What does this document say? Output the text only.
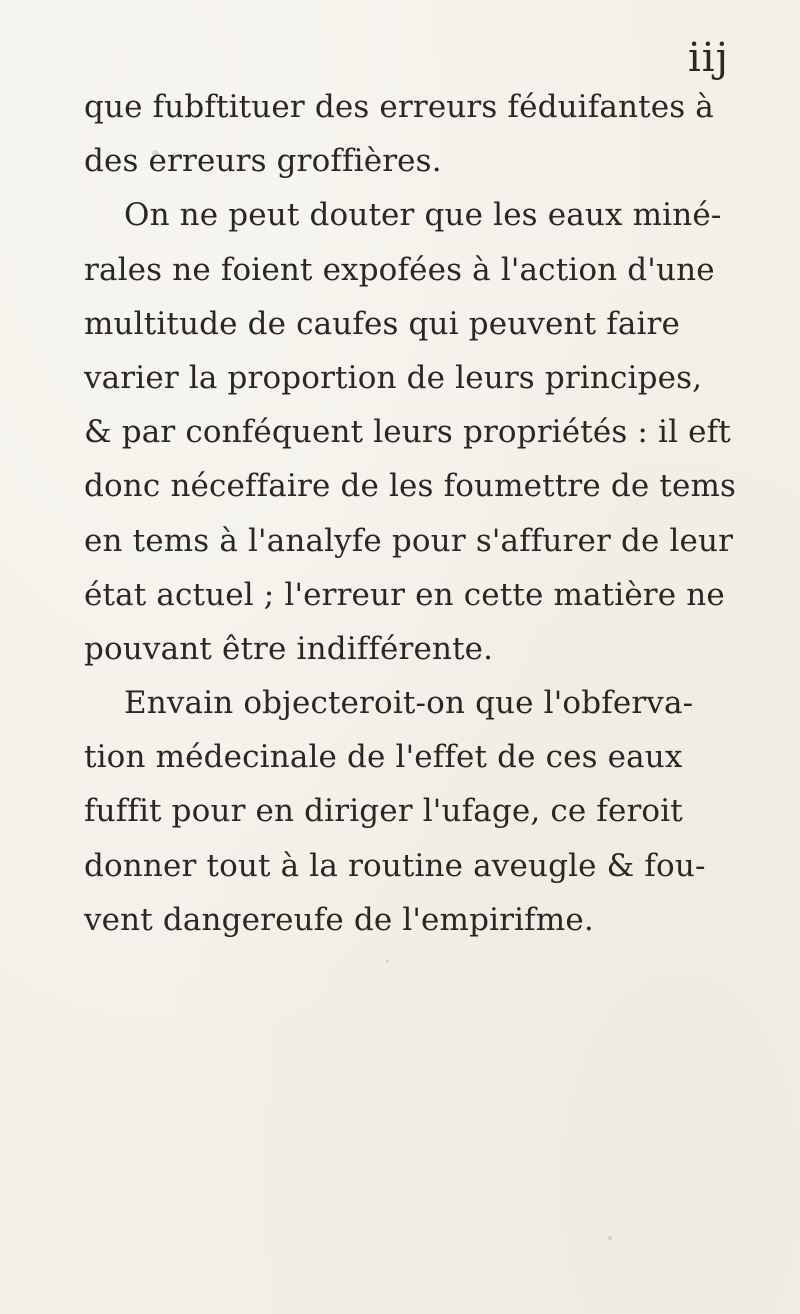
iij
que fubftituer des erreurs féduifantes à
des erreurs groffières.
On ne peut douter que les eaux miné-
rales ne foient expofées à l'action d'une
multitude de caufes qui peuvent faire
varier la proportion de leurs principes,
& par conféquent leurs propriétés : il eft
donc néceffaire de les foumettre de tems
en tems à l'analyfe pour s'affurer de leur
état actuel ; l'erreur en cette matière ne
pouvant être indifférente.
Envain objecteroit-on que l'obferva-
tion médecinale de l'effet de ces eaux
fuffit pour en diriger l'ufage, ce feroit
donner tout à la routine aveugle & fou-
vent dangereufe de l'empirifme.
